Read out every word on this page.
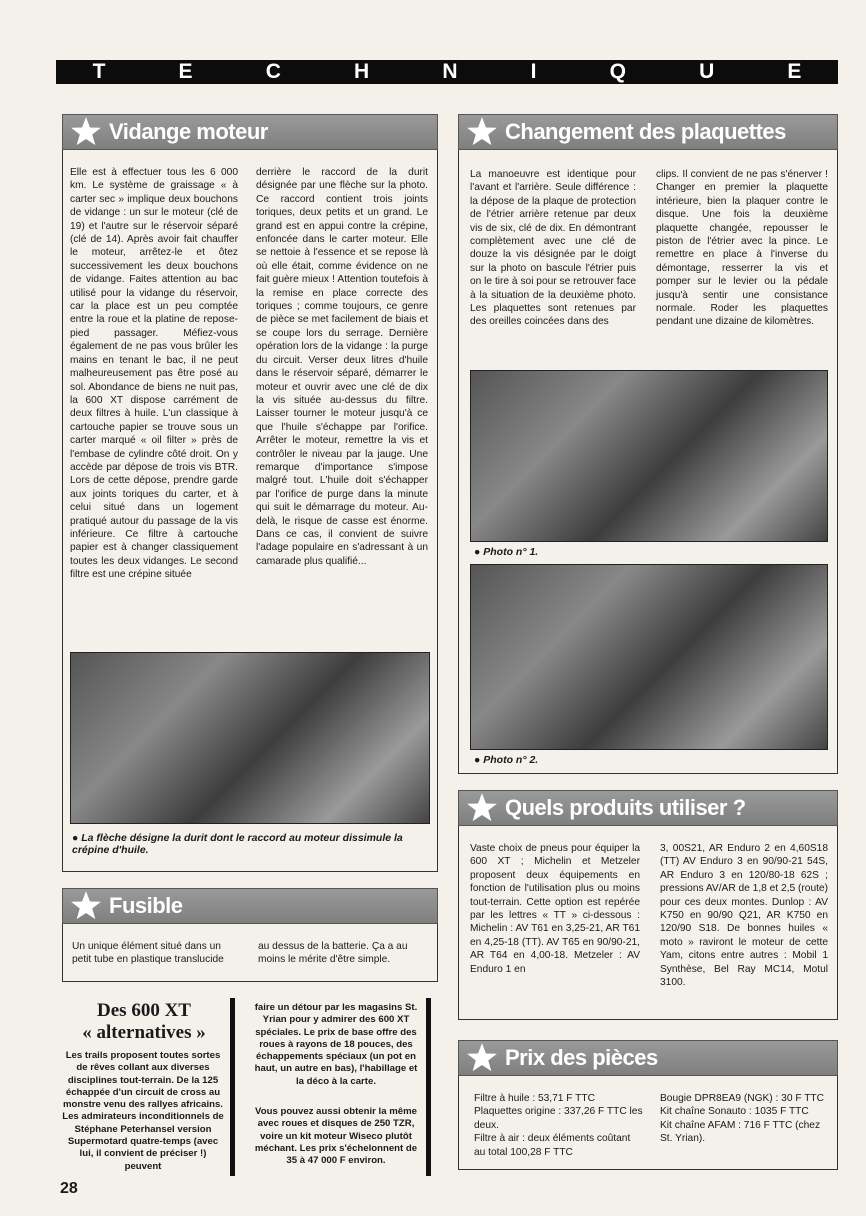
T	E	C	H	N	I	Q	U	E
Vidange moteur
Elle est à effectuer tous les 6 000 km. Le système de graissage « à carter sec » implique deux bouchons de vidange : un sur le moteur (clé de 19) et l'autre sur le réservoir séparé (clé de 14). Après avoir fait chauffer le moteur, arrêtez-le et ôtez successivement les deux bouchons de vidange. Faites attention au bac utilisé pour la vidange du réservoir, car la place est un peu comptée entre la roue et la platine de repose-pied passager. Méfiez-vous également de ne pas vous brûler les mains en tenant le bac, il ne peut malheureusement pas être posé au sol. Abondance de biens ne nuit pas, la 600 XT dispose carrément de deux filtres à huile. L'un classique à cartouche papier se trouve sous un carter marqué « oil filter » près de l'embase de cylindre côté droit. On y accède par dépose de trois vis BTR. Lors de cette dépose, prendre garde aux joints toriques du carter, et à celui situé dans un logement pratiqué autour du passage de la vis inférieure. Ce filtre à cartouche papier est à changer classiquement toutes les deux vidanges. Le second filtre est une crépine située
derrière le raccord de la durit désignée par une flèche sur la photo. Ce raccord contient trois joints toriques, deux petits et un grand. Le grand est en appui contre la crépine, enfoncée dans le carter moteur. Elle se nettoie à l'essence et se repose là où elle était, comme évidence on ne fait guère mieux ! Attention toutefois à la remise en place correcte des toriques ; comme toujours, ce genre de pièce se met facilement de biais et se coupe lors du serrage. Dernière opération lors de la vidange : la purge du circuit. Verser deux litres d'huile dans le réservoir séparé, démarrer le moteur et ouvrir avec une clé de dix la vis située au-dessus du filtre. Laisser tourner le moteur jusqu'à ce que l'huile s'échappe par l'orifice. Arrêter le moteur, remettre la vis et contrôler le niveau par la jauge. Une remarque d'importance s'impose malgré tout. L'huile doit s'échapper par l'orifice de purge dans la minute qui suit le démarrage du moteur. Au-delà, le risque de casse est énorme. Dans ce cas, il convient de suivre l'adage populaire en s'adressant à un camarade plus qualifié...
● La flèche désigne la durit dont le raccord au moteur dissimule la crépine d'huile.
Changement des plaquettes
La manoeuvre est identique pour l'avant et l'arrière. Seule différence : la dépose de la plaque de protection de l'étrier arrière retenue par deux vis de six, clé de dix. En démontrant complètement avec une clé de douze la vis désignée par le doigt sur la photo on bascule l'étrier puis on le tire à soi pour se retrouver face à la situation de la deuxième photo. Les plaquettes sont retenues par des oreilles coincées dans des
clips. Il convient de ne pas s'énerver ! Changer en premier la plaquette intérieure, bien la plaquer contre le disque. Une fois la deuxième plaquette changée, repousser le piston de l'étrier avec la pince. Le remettre en place à l'inverse du démontage, resserrer la vis et pomper sur le levier ou la pédale jusqu'à sentir une consistance normale. Roder les plaquettes pendant une dizaine de kilomètres.
● Photo n° 1.
● Photo n° 2.
Fusible
Un unique élément situé dans un petit tube en plastique translucide
au dessus de la batterie. Ça a au moins le mérite d'être simple.
Des 600 XT
« alternatives »
Les trails proposent toutes sortes de rêves collant aux diverses disciplines tout-terrain. De la 125 échappée d'un circuit de cross au monstre venu des rallyes africains. Les admirateurs inconditionnels de Stéphane Peterhansel version Supermotard quatre-temps (avec lui, il convient de préciser !) peuvent
faire un détour par les magasins St. Yrian pour y admirer des 600 XT spéciales. Le prix de base offre des roues à rayons de 18 pouces, des échappements spéciaux (un pot en haut, un autre en bas), l'habillage et la déco à la carte.
Vous pouvez aussi obtenir la même avec roues et disques de 250 TZR, voire un kit moteur Wiseco plutôt méchant. Les prix s'échelonnent de 35 à 47 000 F environ.
Quels produits utiliser ?
Vaste choix de pneus pour équiper la 600 XT ; Michelin et Metzeler proposent deux équipements en fonction de l'utilisation plus ou moins tout-terrain. Cette option est repérée par les lettres « TT » ci-dessous : Michelin : AV T61 en 3,25-21, AR T61 en 4,25-18 (TT). AV T65 en 90/90-21, AR T64 en 4,00-18. Metzeler : AV Enduro 1 en
3, 00S21, AR Enduro 2 en 4,60S18 (TT) AV Enduro 3 en 90/90-21 54S, AR Enduro 3 en 120/80-18 62S ; pressions AV/AR de 1,8 et 2,5 (route) pour ces deux montes. Dunlop : AV K750 en 90/90 Q21, AR K750 en 120/90 S18. De bonnes huiles « moto » raviront le moteur de cette Yam, citons entre autres : Mobil 1 Synthèse, Bel Ray MC14, Motul 3100.
Prix des pièces
Filtre à huile : 53,71 F TTC
Plaquettes origine : 337,26 F TTC les deux.
Filtre à air : deux éléments coûtant au total 100,28 F TTC
Bougie DPR8EA9 (NGK) : 30 F TTC
Kit chaîne Sonauto : 1035 F TTC
Kit chaîne AFAM : 716 F TTC (chez St. Yrian).
28
